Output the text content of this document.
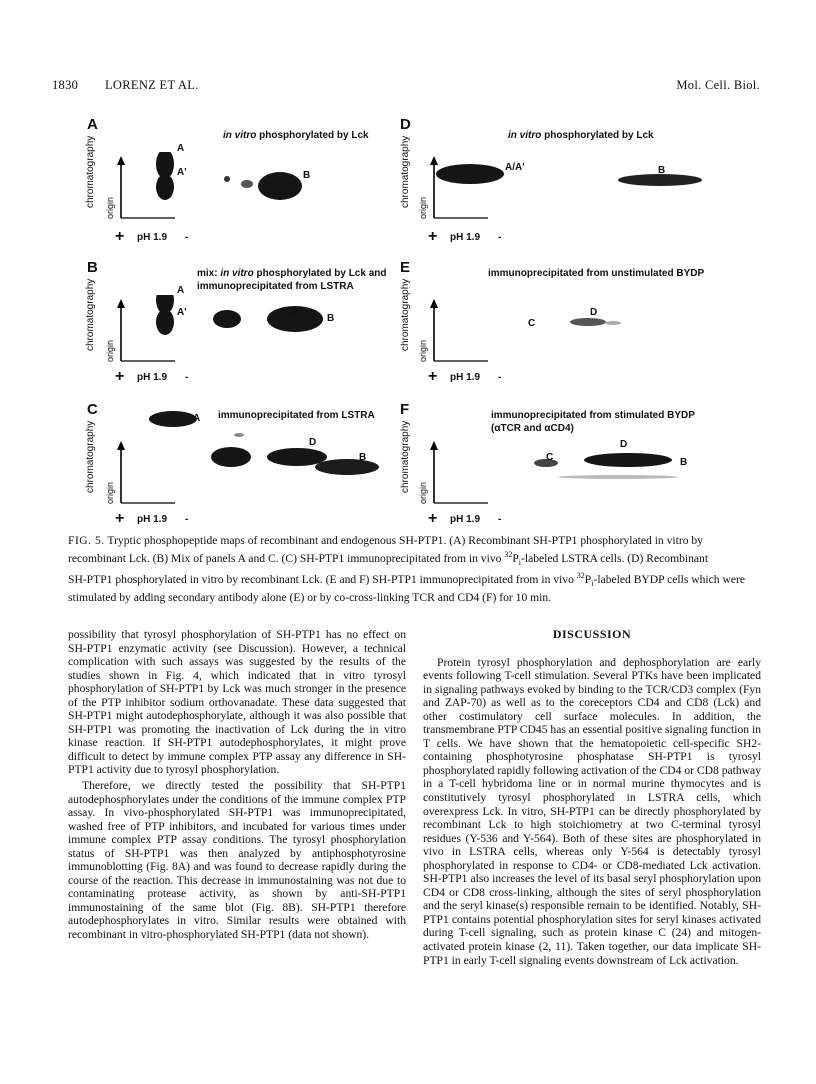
1830 LORENZ ET AL.	Mol. Cell. Biol.
A
in vitro phosphorylated by Lck
chromatography origin
A
A'	B
+ pH 1.9 -
B	mix: in vitro phosphorylated by Lck and
immunoprecipitated from LSTRA
chromatography origin
A
A'
C
D
B
+ pH 1.9 -
C	immunoprecipitated from LSTRA
chromatography origin
A
C
D
B
+ pH 1.9 -
D
in vitro phosphorylated by Lck
chromatography origin
A/A'	B
+ pH 1.9 -
E	immunoprecipitated from unstimulated BYDP
chromatography origin
C
D
+ pH 1.9 -
F	immunoprecipitated from stimulated BYDP
(αTCR and αCD4)
chromatography origin
C
D
B
+ pH 1.9 -
FIG. 5. Tryptic phosphopeptide maps of recombinant and endogenous SH-PTP1. (A) Recombinant SH-PTP1 phosphorylated in vitro by
recombinant Lck. (B) Mix of panels A and C. (C) SH-PTP1 immunoprecipitated from in vivo $^{32}P_i$-labeled LSTRA cells. (D) Recombinant
SH-PTP1 phosphorylated in vitro by recombinant Lck. (E and F) SH-PTP1 immunoprecipitated from in vivo $^{32}P_i$-labeled BYDP cells which were
stimulated by adding secondary antibody alone (E) or by co-cross-linking TCR and CD4 (F) for 10 min.

possibility that tyrosyl phosphorylation of SH-PTP1 has no effect on SH-PTP1 enzymatic activity (see Discussion). However, a technical complication with such assays was suggested by the results of the studies shown in Fig. 4, which indicated that in vitro tyrosyl phosphorylation of SH-PTP1 by Lck was much stronger in the presence of the PTP inhibitor sodium orthovanadate. These data suggested that SH-PTP1 might autodephosphorylate, although it was also possible that SH-PTP1 was promoting the inactivation of Lck during the in vitro kinase reaction. If SH-PTP1 autodephosphorylates, it might prove difficult to detect by immune complex PTP assay any difference in SH-PTP1 activity due to tyrosyl phosphorylation.

Therefore, we directly tested the possibility that SH-PTP1 autodephosphorylates under the conditions of the immune complex PTP assay. In vivo-phosphorylated SH-PTP1 was immunoprecipitated, washed free of PTP inhibitors, and incubated for various times under immune complex PTP assay conditions. The tyrosyl phosphorylation status of SH-PTP1 was then analyzed by antiphosphotyrosine immunoblotting (Fig. 8A) and was found to decrease rapidly during the course of the reaction. This decrease in immunostaining was not due to contaminating protease activity, as shown by anti-SH-PTP1 immunostaining of the same blot (Fig. 8B). SH-PTP1 therefore autodephosphorylates in vitro. Similar results were obtained with recombinant in vitro-phosphorylated SH-PTP1 (data not shown).

DISCUSSION

Protein tyrosyl phosphorylation and dephosphorylation are early events following T-cell stimulation. Several PTKs have been implicated in signaling pathways evoked by binding to the TCR/CD3 complex (Fyn and ZAP-70) as well as to the coreceptors CD4 and CD8 (Lck) and other costimulatory cell surface molecules. In addition, the transmembrane PTP CD45 has an essential positive signaling function in T cells. We have shown that the hematopoietic cell-specific SH2-containing phosphotyrosine phosphatase SH-PTP1 is tyrosyl phosphorylated rapidly following activation of the CD4 or CD8 pathway in a T-cell hybridoma line or in normal murine thymocytes and is constitutively tyrosyl phosphorylated in LSTRA cells, which overexpress Lck. In vitro, SH-PTP1 can be directly phosphorylated by recombinant Lck to high stoichiometry at two C-terminal tyrosyl residues (Y-536 and Y-564). Both of these sites are phosphorylated in vivo in LSTRA cells, whereas only Y-564 is detectably tyrosyl phosphorylated in response to CD4- or CD8-mediated Lck activation. SH-PTP1 also increases the level of its basal seryl phosphorylation upon CD4 or CD8 cross-linking, although the sites of seryl phosphorylation and the seryl kinase(s) responsible remain to be identified. Notably, SH-PTP1 contains potential phosphorylation sites for seryl kinases activated during T-cell signaling, such as protein kinase C (24) and mitogen-activated protein kinase (2, 11). Taken together, our data implicate SH-PTP1 in early T-cell signaling events downstream of Lck activation.
